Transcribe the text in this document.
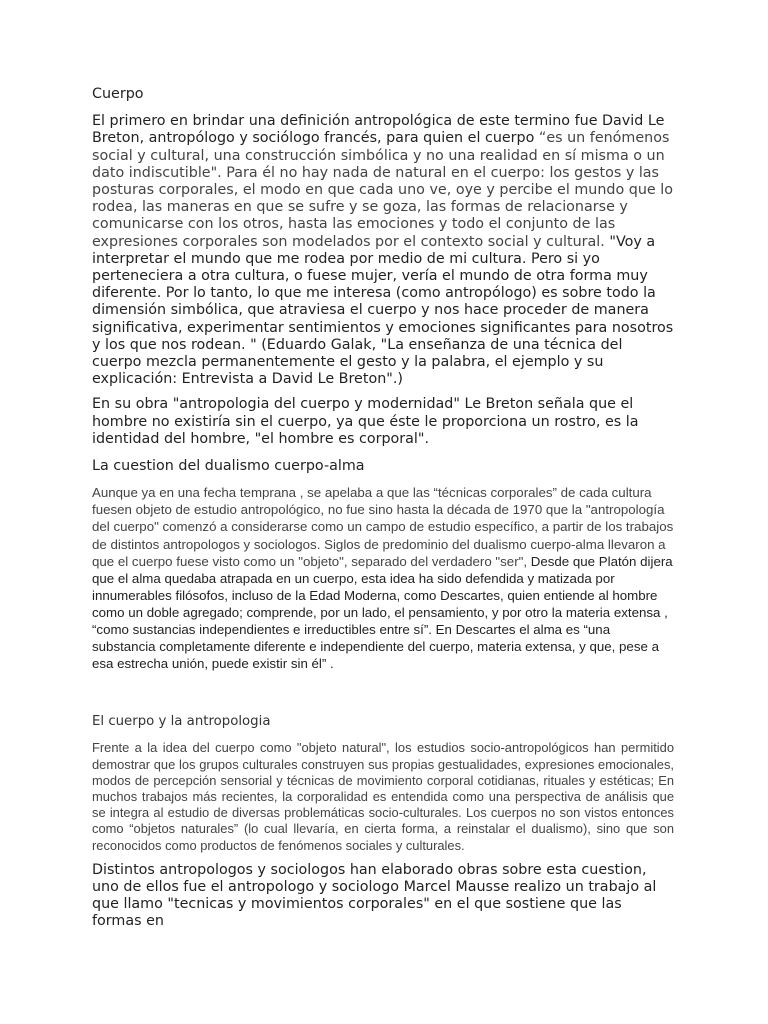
Cuerpo

El primero en brindar una definición antropológica de este termino fue David Le Breton, antropólogo y sociólogo francés, para quien el cuerpo “es un fenómenos social y cultural, una construcción simbólica y no una realidad en sí misma o un dato indiscutible". Para él no hay nada de natural en el cuerpo: los gestos y las posturas corporales, el modo en que cada uno ve, oye y percibe el mundo que lo rodea, las maneras en que se sufre y se goza, las formas de relacionarse y comunicarse con los otros, hasta las emociones y todo el conjunto de las expresiones corporales son modelados por el contexto social y cultural. "Voy a interpretar el mundo que me rodea por medio de mi cultura. Pero si yo perteneciera a otra cultura, o fuese mujer, vería el mundo de otra forma muy diferente. Por lo tanto, lo que me interesa (como antropólogo) es sobre todo la dimensión simbólica, que atraviesa el cuerpo y nos hace proceder de manera significativa, experimentar sentimientos y emociones significantes para nosotros y los que nos rodean. " (Eduardo Galak, "La enseñanza de una técnica del cuerpo mezcla permanentemente el gesto y la palabra, el ejemplo y su explicación: Entrevista a David Le Breton".)

En su obra "antropologia del cuerpo y modernidad" Le Breton señala que el hombre no existiría sin el cuerpo, ya que éste le proporciona un rostro, es la identidad del hombre, "el hombre es corporal".

La cuestion del dualismo cuerpo-alma

Aunque ya en una fecha temprana , se apelaba a que las “técnicas corporales” de cada cultura fuesen objeto de estudio antropológico, no fue sino hasta la década de 1970 que la "antropología del cuerpo" comenzó a considerarse como un campo de estudio específico, a partir de los trabajos de distintos antropologos y sociologos. Siglos de predominio del dualismo cuerpo-alma llevaron a que el cuerpo fuese visto como un "objeto", separado del verdadero "ser", Desde que Platón dijera que el alma quedaba atrapada en un cuerpo, esta idea ha sido defendida y matizada por innumerables filósofos, incluso de la Edad Moderna, como Descartes, quien entiende al hombre como un doble agregado; comprende, por un lado, el pensamiento, y por otro la materia extensa , “como sustancias independientes e irreductibles entre sí”. En Descartes el alma es “una substancia completamente diferente e independiente del cuerpo, materia extensa, y que, pese a esa estrecha unión, puede existir sin él” .

El cuerpo y la antropologia

Frente a la idea del cuerpo como "objeto natural", los estudios socio-antropológicos han permitido demostrar que los grupos culturales construyen sus propias gestualidades, expresiones emocionales, modos de percepción sensorial y técnicas de movimiento corporal cotidianas, rituales y estéticas; En muchos trabajos más recientes, la corporalidad es entendida como una perspectiva de análisis que se integra al estudio de diversas problemáticas socio-culturales. Los cuerpos no son vistos entonces como “objetos naturales” (lo cual llevaría, en cierta forma, a reinstalar el dualismo), sino que son reconocidos como productos de fenómenos sociales y culturales.

Distintos antropologos y sociologos han elaborado obras sobre esta cuestion, uno de ellos fue el antropologo y sociologo Marcel Mausse realizo un trabajo al que llamo "tecnicas y movimientos corporales" en el que sostiene que las formas en
